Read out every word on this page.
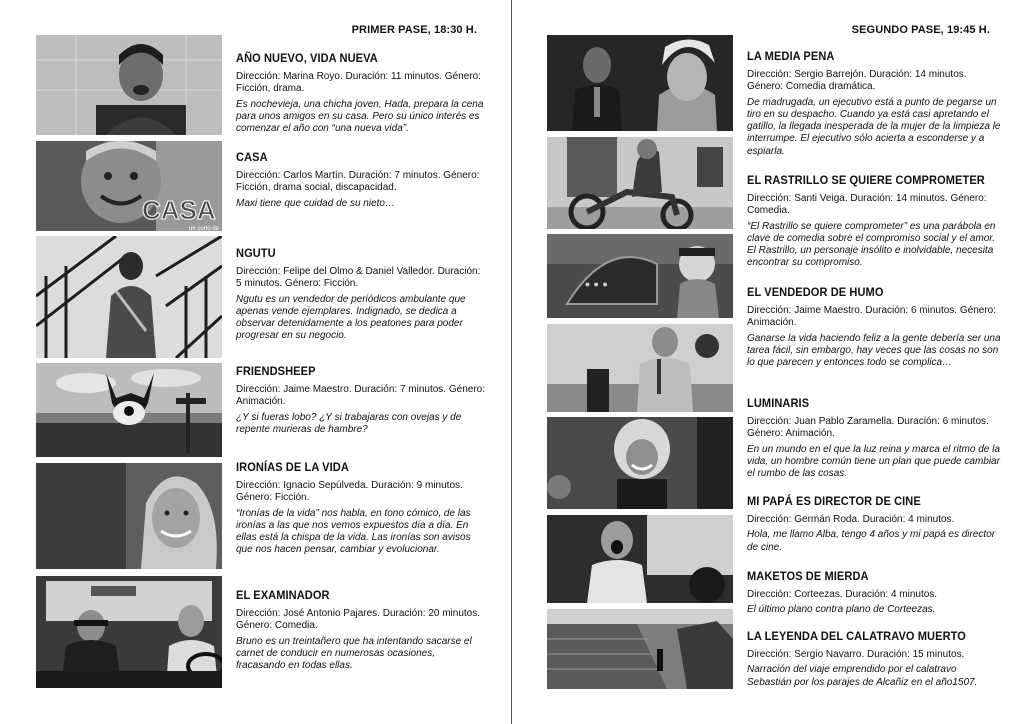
PRIMER PASE, 18:30 H.
CASA
un corto de
AÑO NUEVO, VIDA NUEVA

Dirección: Marina Royo. Duración: 11 minutos. Género: Ficción, drama.

Es nochevieja, una chicha joven, Hada, prepara la cena para unos amigos en su casa. Pero su único interés es comenzar el año con “una nueva vida”.

CASA

Dirección: Carlos Martín. Duración: 7 minutos. Género: Ficción, drama social, discapacidad.

Maxi tiene que cuidad de su nieto…

NGUTU

Dirección: Felipe del Olmo & Daniel Valledor. Duración: 5 minutos. Género: Ficción.

Ngutu es un vendedor de periódicos ambulante que apenas vende ejemplares. Indignado, se dedica a observar detenidamente a los peatones para poder progresar en su negocio.

FRIENDSHEEP

Dirección: Jaime Maestro. Duración: 7 minutos. Género: Animación.

¿Y si fueras lobo? ¿Y si trabajaras con ovejas y de repente murieras de hambre?

IRONÍAS DE LA VIDA

Dirección: Ignacio Sepúlveda. Duración: 9 minutos. Género: Ficción.

“Ironías de la vida” nos habla, en tono cómico, de las ironías a las que nos vemos expuestos día a día. En ellas está la chispa de la vida. Las ironías son avisos que nos hacen pensar, cambiar y evolucionar.

EL EXAMINADOR

Dirección: José Antonio Pajares. Duración: 20 minutos. Género: Comedia.

Bruno es un treintañero que ha intentando sacarse el carnet de conducir en numerosas ocasiones, fracasando en todas ellas.

SEGUNDO PASE, 19:45 H.
• • •
LA MEDIA PENA

Dirección: Sergio Barrejón. Duración: 14 minutos. Género: Comedia dramática.

De madrugada, un ejecutivo está a punto de pegarse un tiro en su despacho. Cuando ya está casi apretando el gatillo, la llegada inesperada de la mujer de la limpieza le interrumpe. El ejecutivo sólo acierta a esconderse y a espiarla.

EL RASTRILLO SE QUIERE COMPROMETER

Dirección: Santi Veiga. Duración: 14 minutos. Género: Comedia.

“El Rastrillo se quiere comprometer” es una parábola en clave de comedia sobre el compromiso social y el amor. El Rastrillo, un personaje insólito e inolvidable, necesita encontrar su compromiso.

EL VENDEDOR DE HUMO

Dirección: Jaime Maestro. Duración: 6 minutos. Género: Animación.

Ganarse la vida haciendo feliz a la gente debería ser una tarea fácil, sin embargo, hay veces que las cosas no son lo que parecen y entonces todo se complica…

LUMINARIS

Dirección: Juan Pablo Zaramella. Duración: 6 minutos. Género: Animación.

En un mundo en el que la luz reina y marca el ritmo de la vida, un hombre común tiene un plan que puede cambiar el rumbo de las cosas.

MI PAPÁ ES DIRECTOR DE CINE

Dirección: Germán Roda. Duración: 4 minutos.

Hola, me llamo Alba, tengo 4 años y mi papá es director de cine.

MAKETOS DE MIERDA

Dirección: Corteezas. Duración: 4 minutos.

El último plano contra plano de Corteezas.

LA LEYENDA DEL CALATRAVO MUERTO

Dirección: Sergio Navarro. Duración: 15 minutos.

Narración del viaje emprendido por el calatravo Sebastián por los parajes de Alcañiz en el año1507.
